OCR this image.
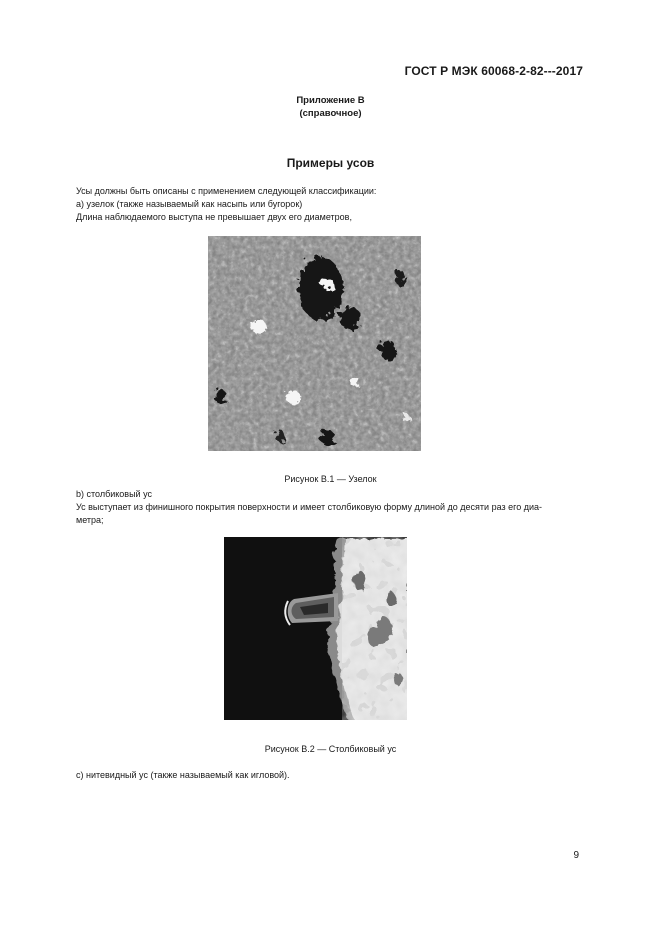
ГОСТ Р МЭК 60068-2-82---2017
Приложение В
(справочное)
Примеры усов
Усы должны быть описаны с применением следующей классификации:
а) узелок (также называемый как насыпь или бугорок)
Длина наблюдаемого выступа не превышает двух его диаметров,
Рисунок В.1 — Узелок
b) столбиковый ус
Ус выступает из финишного покрытия поверхности и имеет столбиковую форму длиной до десяти раз его диа-
метра;
Рисунок В.2 — Столбиковый ус
с) нитевидный ус (также называемый как игловой).
9
